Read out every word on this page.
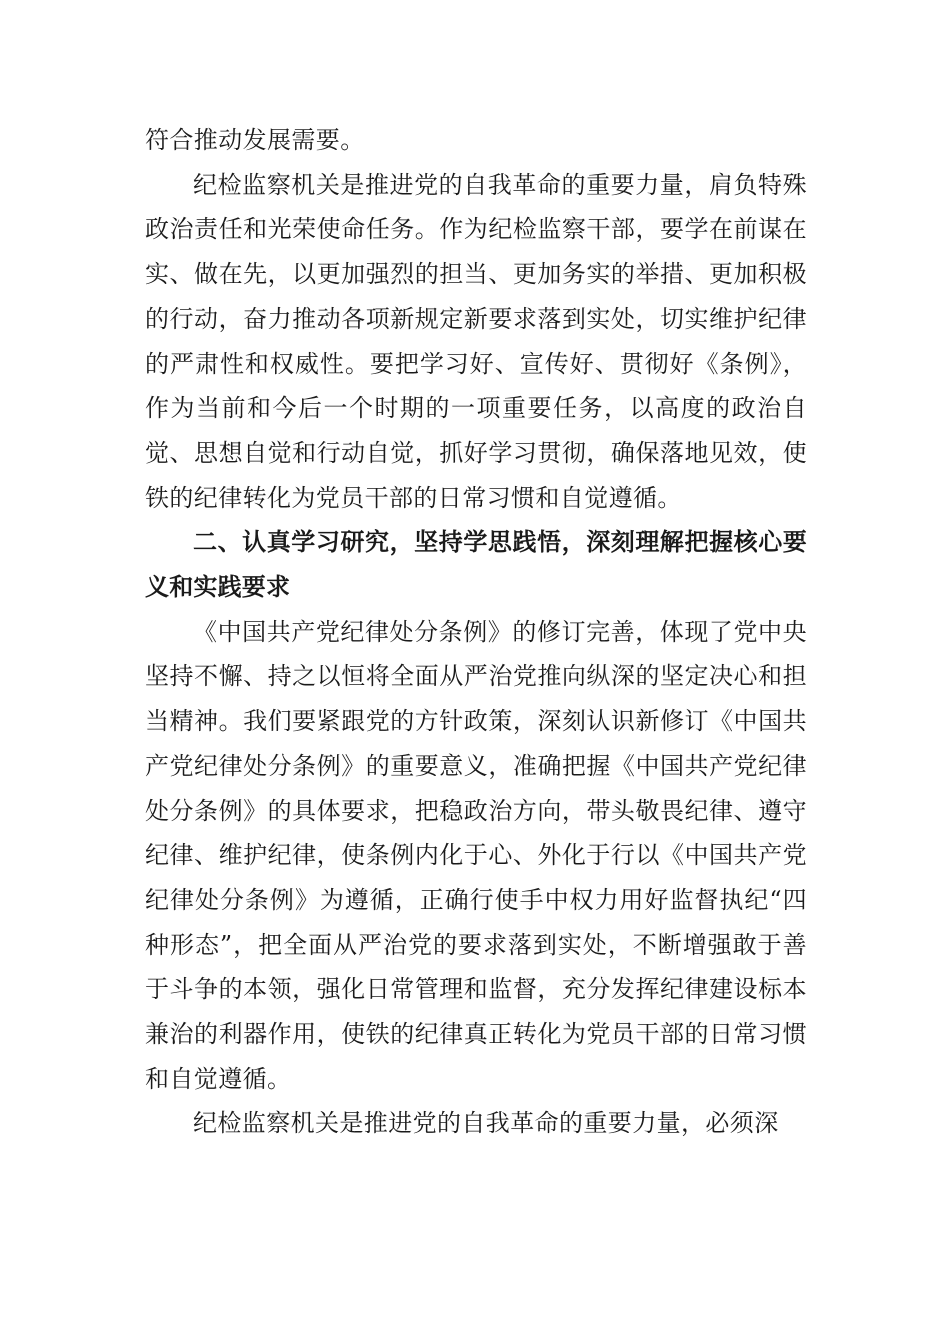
符合推动发展需要。

纪检监察机关是推进党的自我革命的重要力量，肩负特殊政治责任和光荣使命任务。作为纪检监察干部，要学在前谋在实、做在先，以更加强烈的担当、更加务实的举措、更加积极的行动，奋力推动各项新规定新要求落到实处，切实维护纪律的严肃性和权威性。要把学习好、宣传好、贯彻好《条例》，作为当前和今后一个时期的一项重要任务，以高度的政治自觉、思想自觉和行动自觉，抓好学习贯彻，确保落地见效，使铁的纪律转化为党员干部的日常习惯和自觉遵循。

二、认真学习研究，坚持学思践悟，深刻理解把握核心要义和实践要求

《中国共产党纪律处分条例》的修订完善，体现了党中央坚持不懈、持之以恒将全面从严治党推向纵深的坚定决心和担当精神。我们要紧跟党的方针政策，深刻认识新修订《中国共产党纪律处分条例》的重要意义，准确把握《中国共产党纪律处分条例》的具体要求，把稳政治方向，带头敬畏纪律、遵守纪律、维护纪律，使条例内化于心、外化于行以《中国共产党纪律处分条例》为遵循，正确行使手中权力用好监督执纪“四种形态”，把全面从严治党的要求落到实处，不断增强敢于善于斗争的本领，强化日常管理和监督，充分发挥纪律建设标本兼治的利器作用，使铁的纪律真正转化为党员干部的日常习惯和自觉遵循。

纪检监察机关是推进党的自我革命的重要力量，必须深
